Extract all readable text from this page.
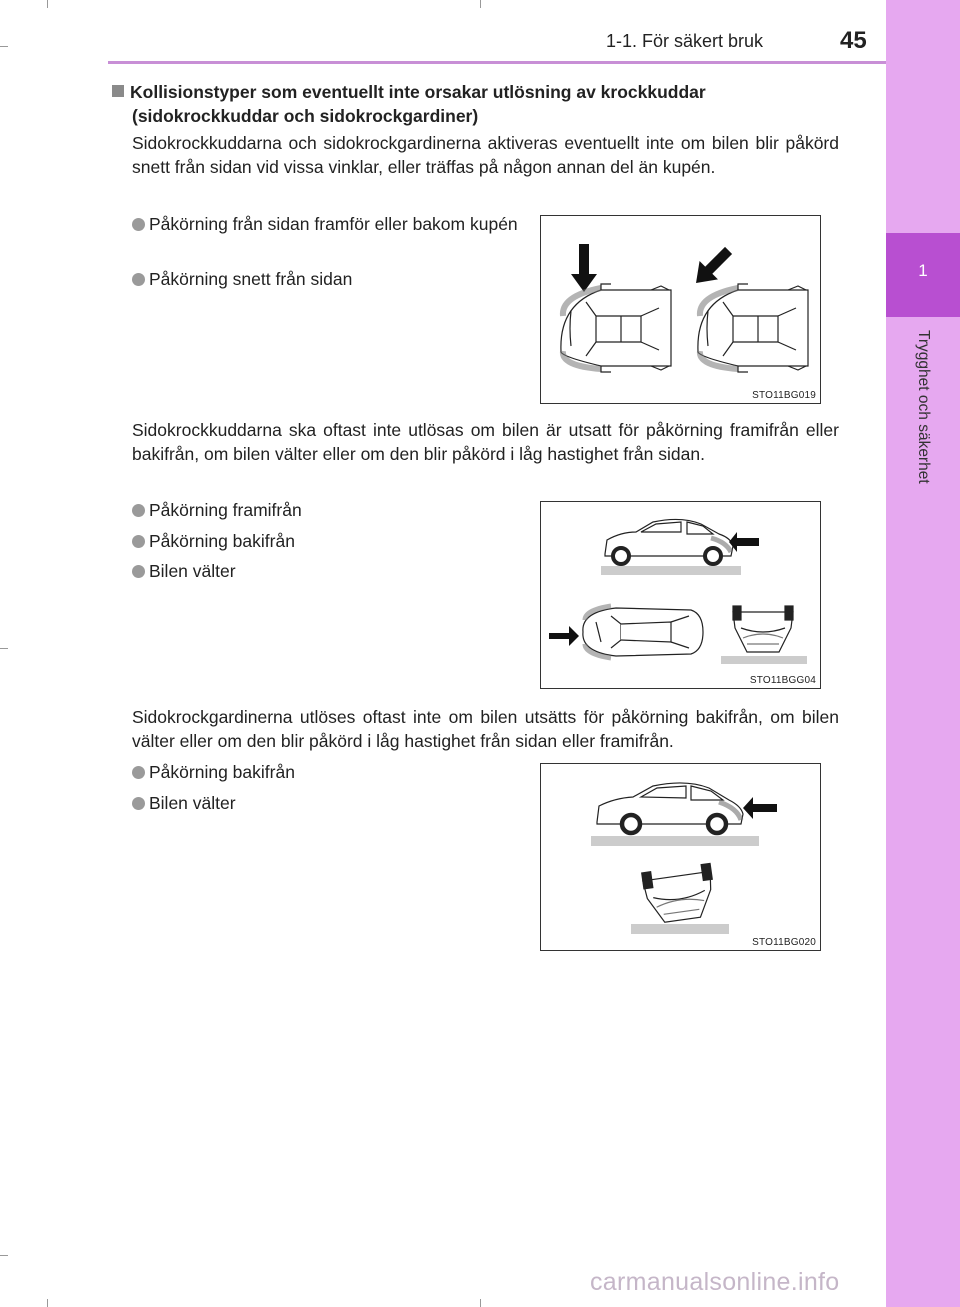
1
Trygghet och säkerhet
1-1. För säkert bruk	45
Kollisionstyper som eventuellt inte orsakar utlösning av krockkuddar
(sidokrockkuddar och sidokrockgardiner)
Sidokrockkuddarna och sidokrockgardinerna aktiveras eventuellt inte om bilen blir påkörd snett från sidan vid vissa vinklar, eller träffas på någon annan del än kupén.
Påkörning från sidan framför eller bakom kupén
Påkörning snett från sidan
STO11BG019
Sidokrockkuddarna ska oftast inte utlösas om bilen är utsatt för påkörning framifrån eller bakifrån, om bilen välter eller om den blir påkörd i låg hastighet från sidan.
Påkörning framifrån
Påkörning bakifrån
Bilen välter
STO11BGG04
Sidokrockgardinerna utlöses oftast inte om bilen utsätts för påkörning bakifrån, om bilen välter eller om den blir påkörd i låg hastighet från sidan eller framifrån.
Påkörning bakifrån
Bilen välter
STO11BG020
carmanualsonline.info
